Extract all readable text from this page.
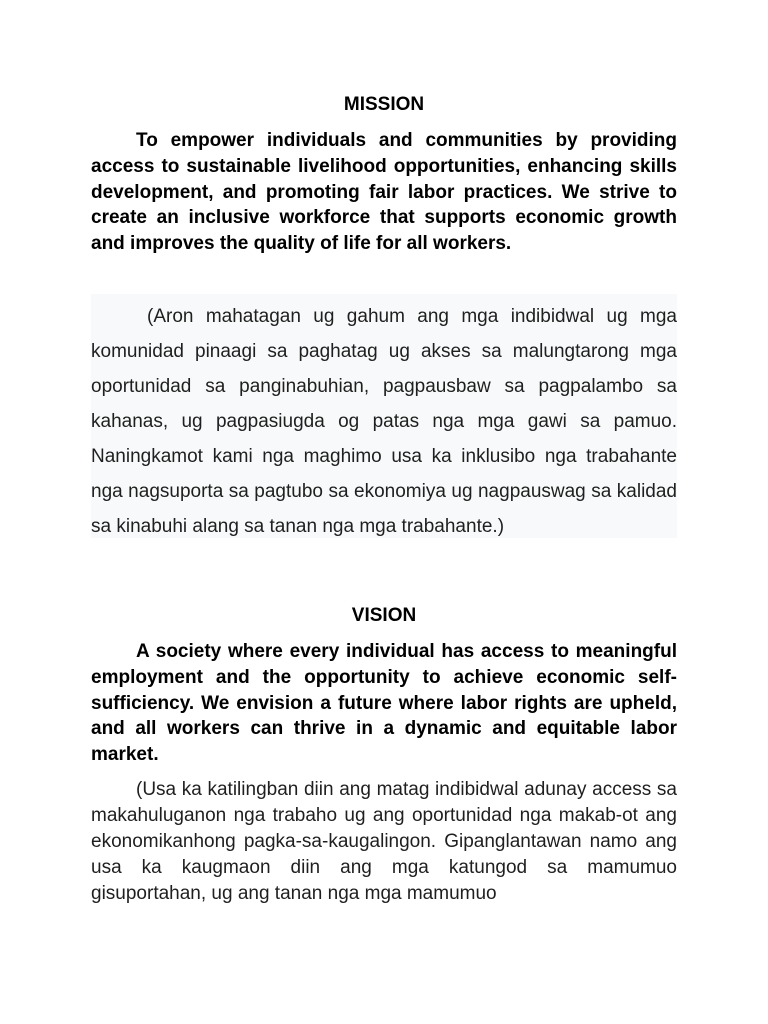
MISSION

To empower individuals and communities by providing access to sustainable livelihood opportunities, enhancing skills development, and promoting fair labor practices. We strive to create an inclusive workforce that supports economic growth and improves the quality of life for all workers.

(Aron mahatagan ug gahum ang mga indibidwal ug mga komunidad pinaagi sa paghatag ug akses sa malungtarong mga oportunidad sa panginabuhian, pagpausbaw sa pagpalambo sa kahanas, ug pagpasiugda og patas nga mga gawi sa pamuo. Naningkamot kami nga maghimo usa ka inklusibo nga trabahante nga nagsuporta sa pagtubo sa ekonomiya ug nagpauswag sa kalidad sa kinabuhi alang sa tanan nga mga trabahante.)

VISION

A society where every individual has access to meaningful employment and the opportunity to achieve economic self-sufficiency. We envision a future where labor rights are upheld, and all workers can thrive in a dynamic and equitable labor market.

(Usa ka katilingban diin ang matag indibidwal adunay access sa makahuluganon nga trabaho ug ang oportunidad nga makab-ot ang ekonomikanhong pagka-sa-kaugalingon. Gipanglantawan namo ang usa ka kaugmaon diin ang mga katungod sa mamumuo gisuportahan, ug ang tanan nga mga mamumuo
